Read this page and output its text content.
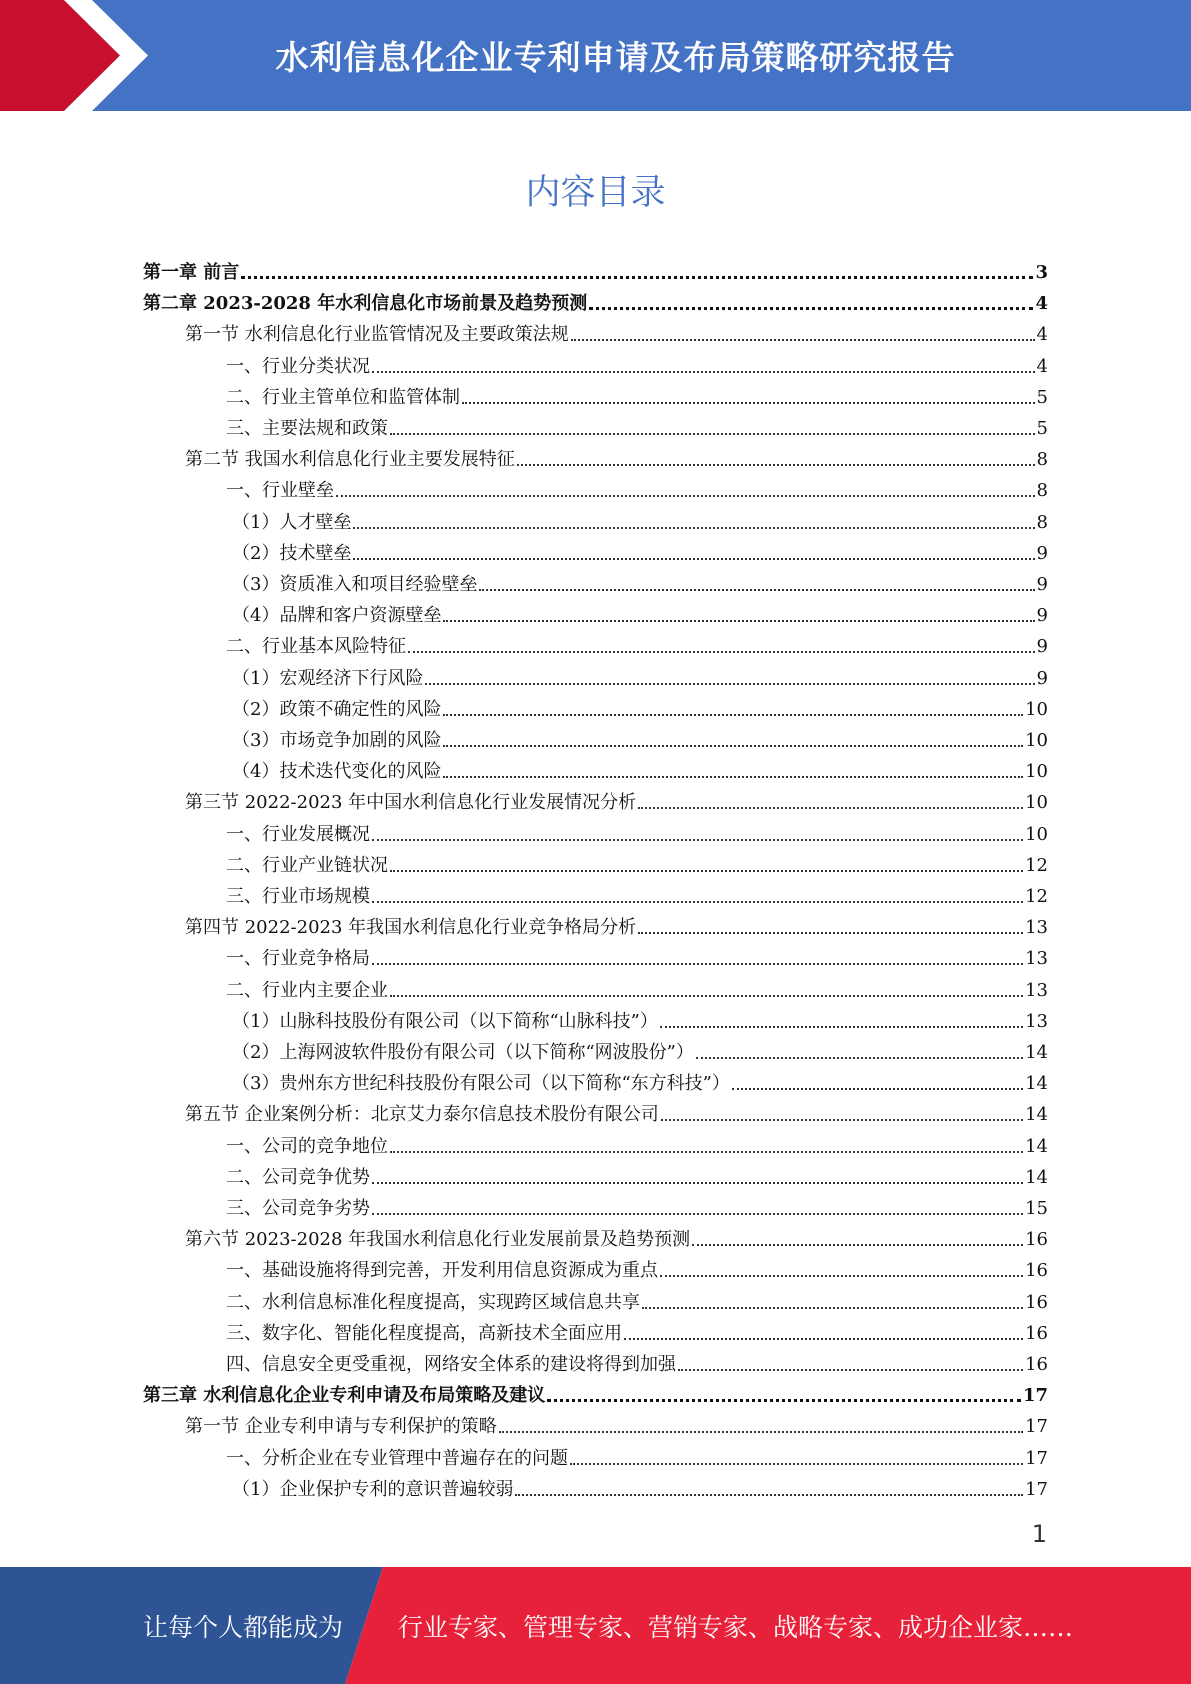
水利信息化企业专利申请及布局策略研究报告
内容目录
第一章 前言	3
第二章 2023-2028 年水利信息化市场前景及趋势预测	4
第一节 水利信息化行业监管情况及主要政策法规	4
一、行业分类状况	4
二、行业主管单位和监管体制	5
三、主要法规和政策	5
第二节 我国水利信息化行业主要发展特征	8
一、行业壁垒	8
（1）人才壁垒	8
（2）技术壁垒	9
（3）资质准入和项目经验壁垒	9
（4）品牌和客户资源壁垒	9
二、行业基本风险特征	9
（1）宏观经济下行风险	9
（2）政策不确定性的风险	10
（3）市场竞争加剧的风险	10
（4）技术迭代变化的风险	10
第三节 2022-2023 年中国水利信息化行业发展情况分析	10
一、行业发展概况	10
二、行业产业链状况	12
三、行业市场规模	12
第四节 2022-2023 年我国水利信息化行业竞争格局分析	13
一、行业竞争格局	13
二、行业内主要企业	13
（1）山脉科技股份有限公司（以下简称“山脉科技”）	13
（2）上海网波软件股份有限公司（以下简称“网波股份”）	14
（3）贵州东方世纪科技股份有限公司（以下简称“东方科技”）	14
第五节 企业案例分析：北京艾力泰尔信息技术股份有限公司	14
一、公司的竞争地位	14
二、公司竞争优势	14
三、公司竞争劣势	15
第六节 2023-2028 年我国水利信息化行业发展前景及趋势预测	16
一、基础设施将得到完善，开发利用信息资源成为重点	16
二、水利信息标准化程度提高，实现跨区域信息共享	16
三、数字化、智能化程度提高，高新技术全面应用	16
四、信息安全更受重视，网络安全体系的建设将得到加强	16
第三章 水利信息化企业专利申请及布局策略及建议	17
第一节 企业专利申请与专利保护的策略	17
一、分析企业在专业管理中普遍存在的问题	17
（1）企业保护专利的意识普遍较弱	17
1
让每个人都能成为 行业专家、管理专家、营销专家、战略专家、成功企业家……
